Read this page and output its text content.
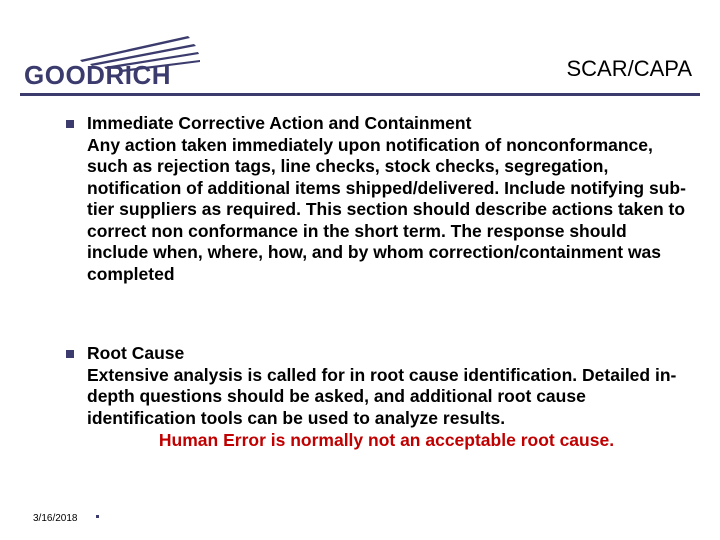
GOODRICH	SCAR/CAPA
Immediate Corrective Action and Containment

Any action taken immediately upon notification of nonconformance, such as rejection tags, line checks, stock checks, segregation, notification of additional items shipped/delivered. Include notifying sub-tier suppliers as required. This section should describe actions taken to correct non conformance in the short term. The response should include when, where, how, and by whom correction/containment was completed

Root Cause

Extensive analysis is called for in root cause identification. Detailed in-depth questions should be asked, and additional root cause identification tools can be used to analyze results.

Human Error is normally not an acceptable root cause.
3/16/2018
